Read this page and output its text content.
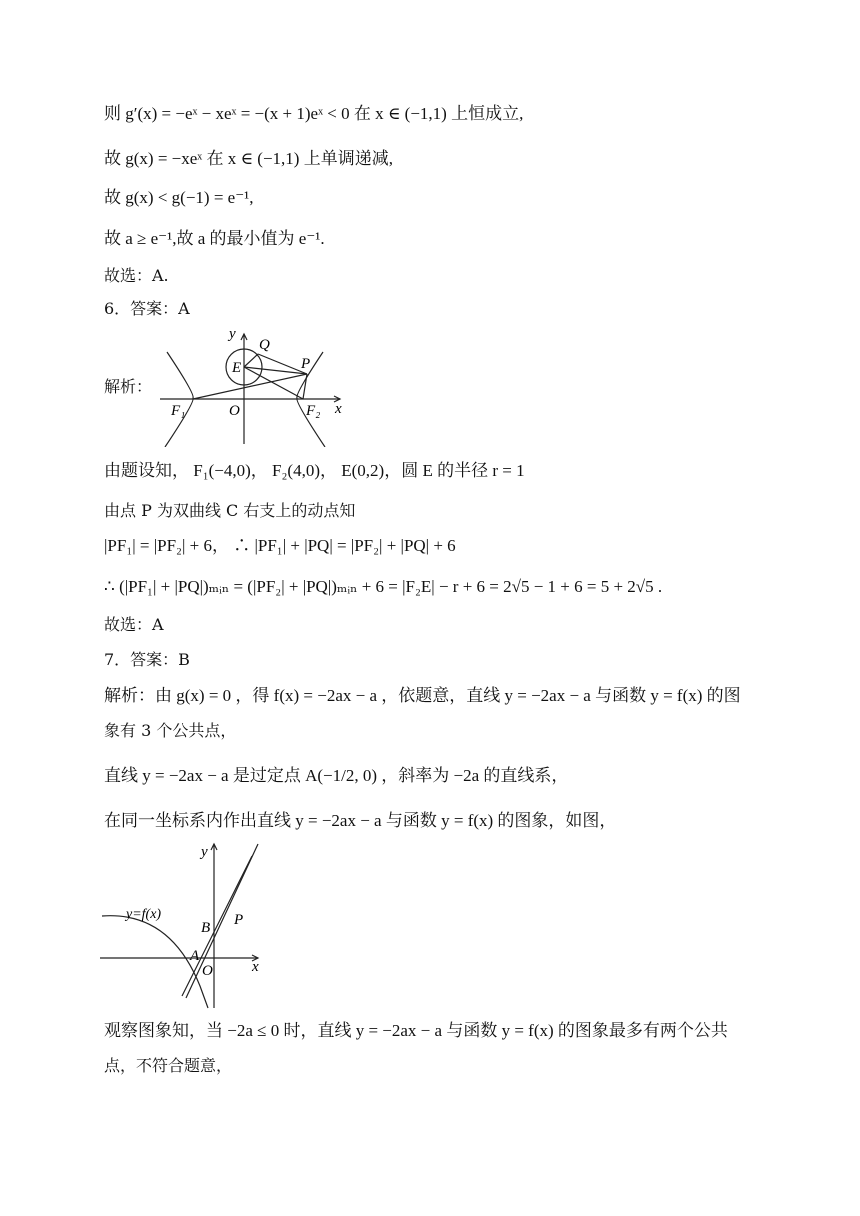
则 g′(x) = −eˣ − xeˣ = −(x + 1)eˣ < 0 在 x ∈ (−1,1) 上恒成立,
故 g(x) = −xeˣ 在 x ∈ (−1,1) 上单调递减,
故 g(x) < g(−1) = e⁻¹,
故 a ≥ e⁻¹,故 a 的最小值为 e⁻¹.
故选：A.
6．答案：A
解析：
y
Q
P
E
F₁	O	F₂ x
由题设知， F₁(−4,0)， F₂(4,0)， E(0,2)，圆 E 的半径 r = 1
由点 P 为双曲线 C 右支上的动点知
|PF₁| = |PF₂| + 6， ∴ |PF₁| + |PQ| = |PF₂| + |PQ| + 6
∴ (|PF₁| + |PQ|)ₘᵢₙ = (|PF₂| + |PQ|)ₘᵢₙ + 6 = |F₂E| − r + 6 = 2√5 − 1 + 6 = 5 + 2√5 .
故选：A
7．答案：B
解析：由 g(x) = 0 ，得 f(x) = −2ax − a ，依题意，直线 y = −2ax − a 与函数 y = f(x) 的图
象有 3 个公共点，
直线 y = −2ax − a 是过定点 A(−1/2, 0) ，斜率为 −2a 的直线系，
在同一坐标系内作出直线 y = −2ax − a 与函数 y = f(x) 的图象，如图，
y
y=f(x)
B P
A
O	x
观察图象知，当 −2a ≤ 0 时，直线 y = −2ax − a 与函数 y = f(x) 的图象最多有两个公共
点，不符合题意，
